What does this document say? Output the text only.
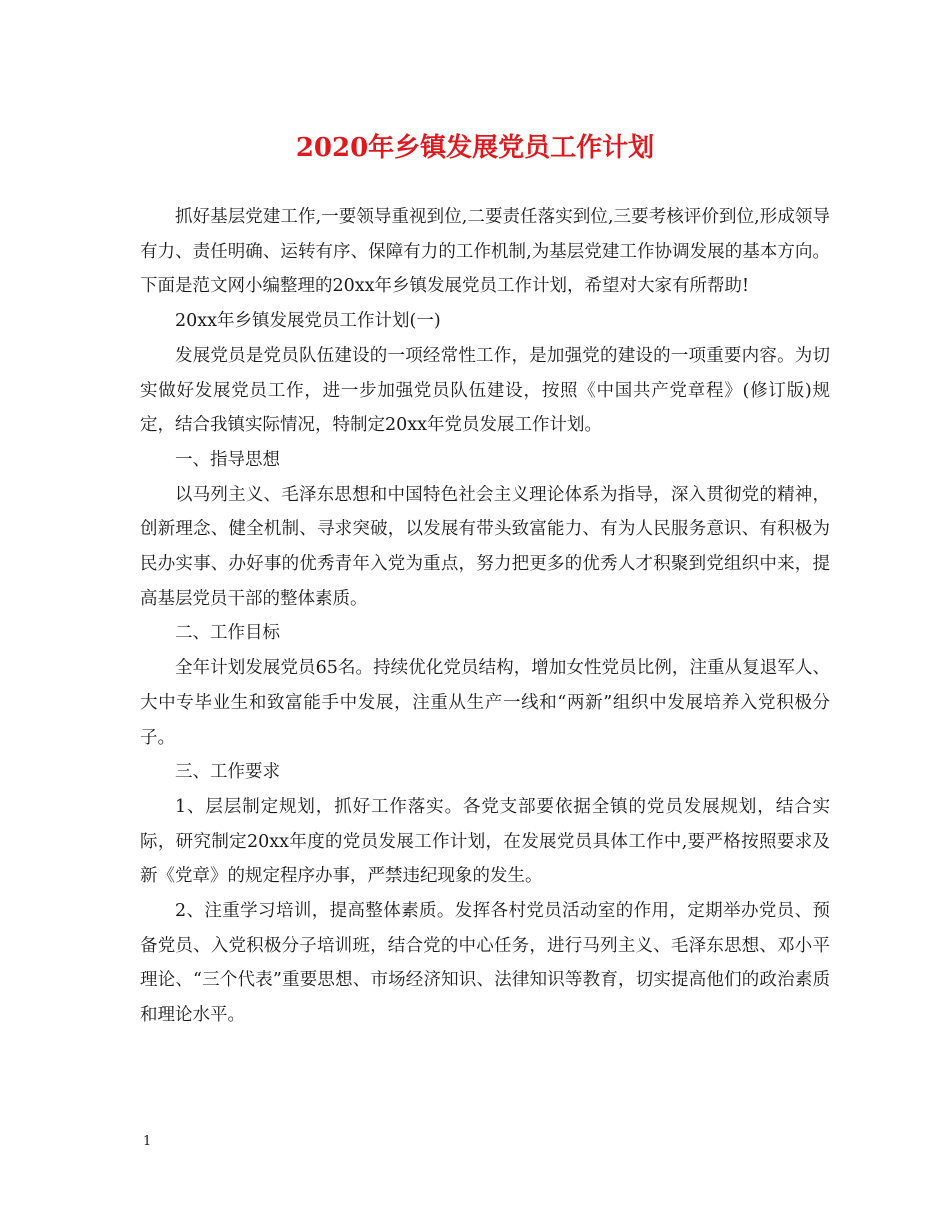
2020年乡镇发展党员工作计划

抓好基层党建工作,一要领导重视到位,二要责任落实到位,三要考核评价到位,形成领导有力、责任明确、运转有序、保障有力的工作机制,为基层党建工作协调发展的基本方向。下面是范文网小编整理的20xx年乡镇发展党员工作计划，希望对大家有所帮助!

20xx年乡镇发展党员工作计划(一)

发展党员是党员队伍建设的一项经常性工作，是加强党的建设的一项重要内容。为切实做好发展党员工作，进一步加强党员队伍建设，按照《中国共产党章程》(修订版)规定，结合我镇实际情况，特制定20xx年党员发展工作计划。

一、指导思想

以马列主义、毛泽东思想和中国特色社会主义理论体系为指导，深入贯彻党的精神，创新理念、健全机制、寻求突破，以发展有带头致富能力、有为人民服务意识、有积极为民办实事、办好事的优秀青年入党为重点，努力把更多的优秀人才积聚到党组织中来，提高基层党员干部的整体素质。

二、工作目标

全年计划发展党员65名。持续优化党员结构，增加女性党员比例，注重从复退军人、大中专毕业生和致富能手中发展，注重从生产一线和“两新”组织中发展培养入党积极分子。

三、工作要求

1、层层制定规划，抓好工作落实。各党支部要依据全镇的党员发展规划，结合实际，研究制定20xx年度的党员发展工作计划，在发展党员具体工作中,要严格按照要求及新《党章》的规定程序办事，严禁违纪现象的发生。

2、注重学习培训，提高整体素质。发挥各村党员活动室的作用，定期举办党员、预备党员、入党积极分子培训班，结合党的中心任务，进行马列主义、毛泽东思想、邓小平理论、“三个代表”重要思想、市场经济知识、法律知识等教育，切实提高他们的政治素质和理论水平。

1
